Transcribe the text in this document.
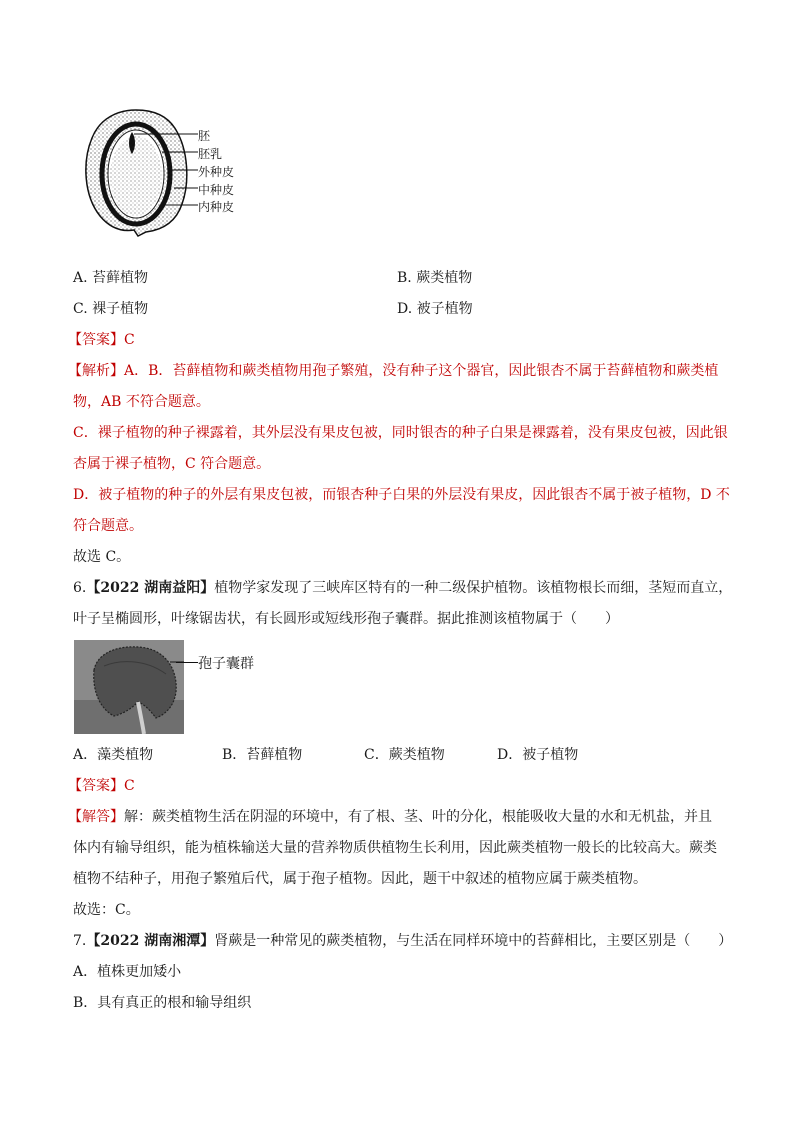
胚
胚乳
外种皮
中种皮
内种皮
A. 苔藓植物	B. 蕨类植物
C. 裸子植物	D. 被子植物
【答案】C
【解析】A．B．苔藓植物和蕨类植物用孢子繁殖，没有种子这个器官，因此银杏不属于苔藓植物和蕨类植
物，AB 不符合题意。
C．裸子植物的种子裸露着，其外层没有果皮包被，同时银杏的种子白果是裸露着，没有果皮包被，因此银
杏属于裸子植物，C 符合题意。
D．被子植物的种子的外层有果皮包被，而银杏种子白果的外层没有果皮，因此银杏不属于被子植物，D 不
符合题意。
故选 C。
6.【2022 湖南益阳】植物学家发现了三峡库区特有的一种二级保护植物。该植物根长而细，茎短而直立，
叶子呈椭圆形，叶缘锯齿状，有长圆形或短线形孢子囊群。据此推测该植物属于（　　）
孢子囊群
A．藻类植物	B．苔藓植物	C．蕨类植物	D．被子植物
【答案】C
【解答】解：蕨类植物生活在阴湿的环境中，有了根、茎、叶的分化，根能吸收大量的水和无机盐，并且
体内有输导组织，能为植株输送大量的营养物质供植物生长利用，因此蕨类植物一般长的比较高大。蕨类
植物不结种子，用孢子繁殖后代，属于孢子植物。因此，题干中叙述的植物应属于蕨类植物。
故选：C。
7.【2022 湖南湘潭】肾蕨是一种常见的蕨类植物，与生活在同样环境中的苔藓相比，主要区别是（　　）
A．植株更加矮小
B．具有真正的根和输导组织
